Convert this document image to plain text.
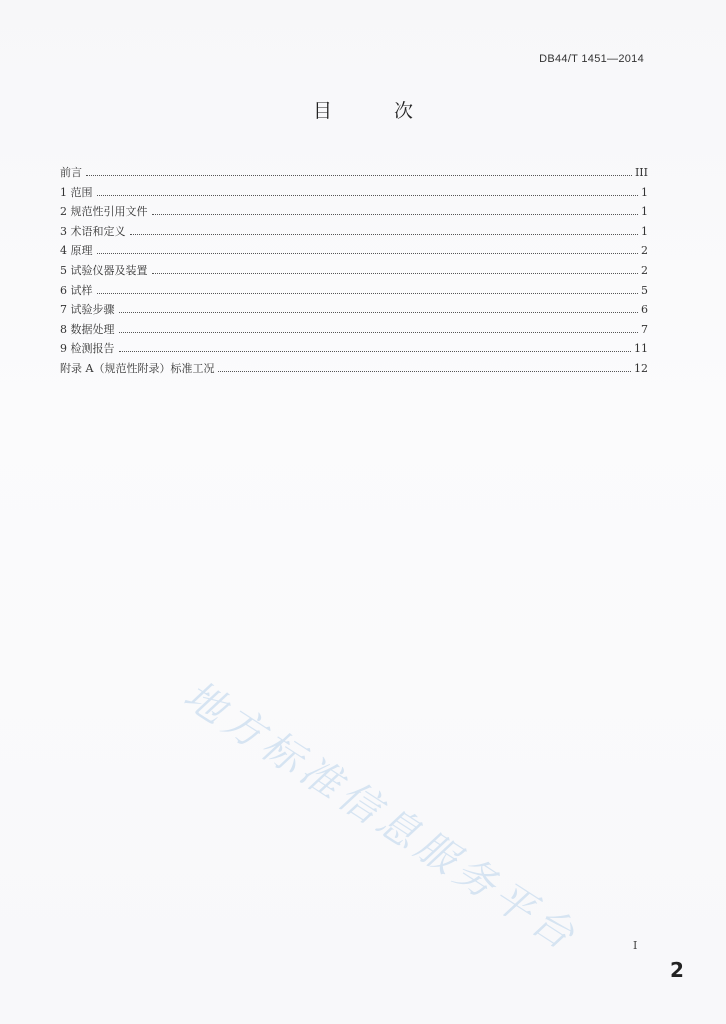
DB44/T 1451—2014
目 次
前言	III
1 范围	1
2 规范性引用文件	1
3 术语和定义	1
4 原理	2
5 试验仪器及装置	2
6 试样	5
7 试验步骤	6
8 数据处理	7
9 检测报告	11
附录 A（规范性附录）标准工况	12
地方标准信息服务平台	I
2
